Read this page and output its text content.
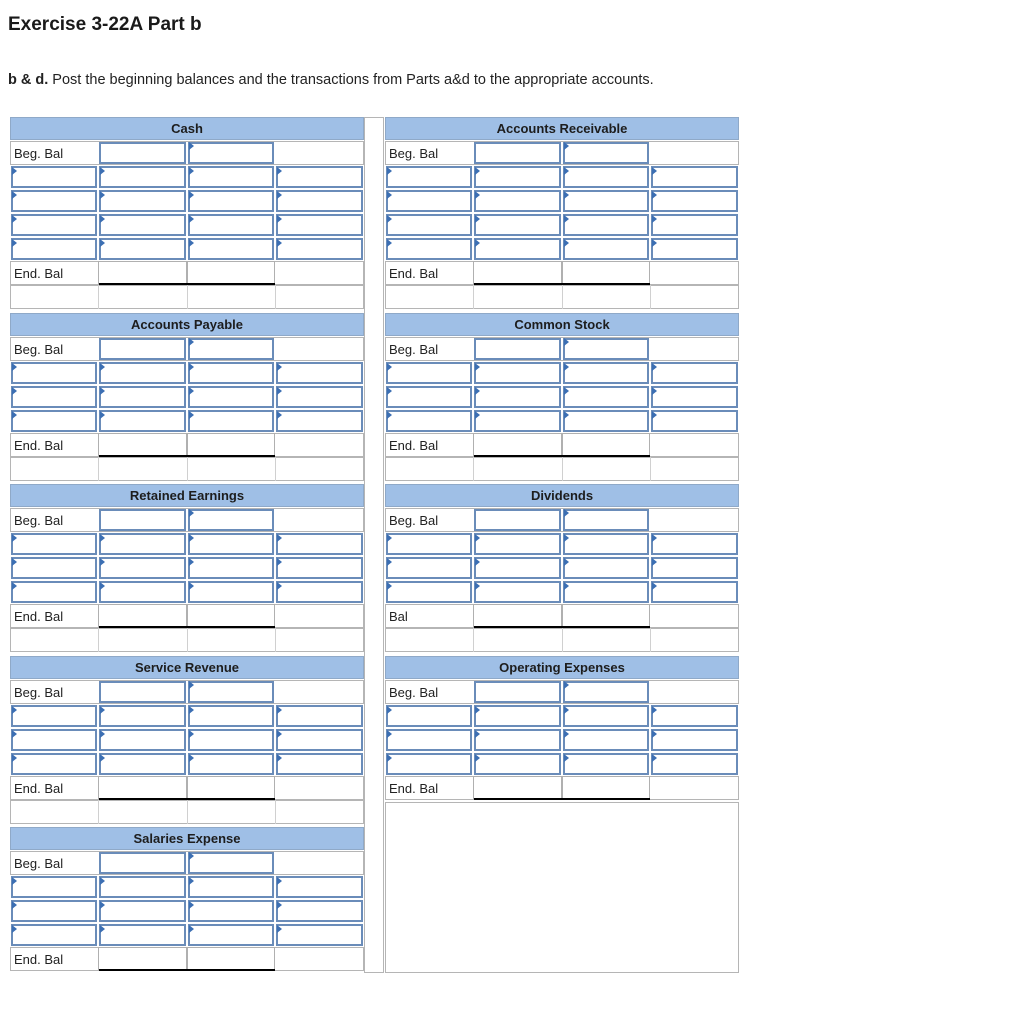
Exercise 3-22A Part b
b & d. Post the beginning balances and the transactions from Parts a&d to the appropriate accounts.
Cash
Beg. Bal
End. Bal
Accounts Receivable
Beg. Bal
End. Bal
Accounts Payable
Beg. Bal
End. Bal
Common Stock
Beg. Bal
End. Bal
Retained Earnings
Beg. Bal
End. Bal
Dividends
Beg. Bal
Bal
Service Revenue
Beg. Bal
End. Bal
Operating Expenses
Beg. Bal
End. Bal
Salaries Expense
Beg. Bal
End. Bal
